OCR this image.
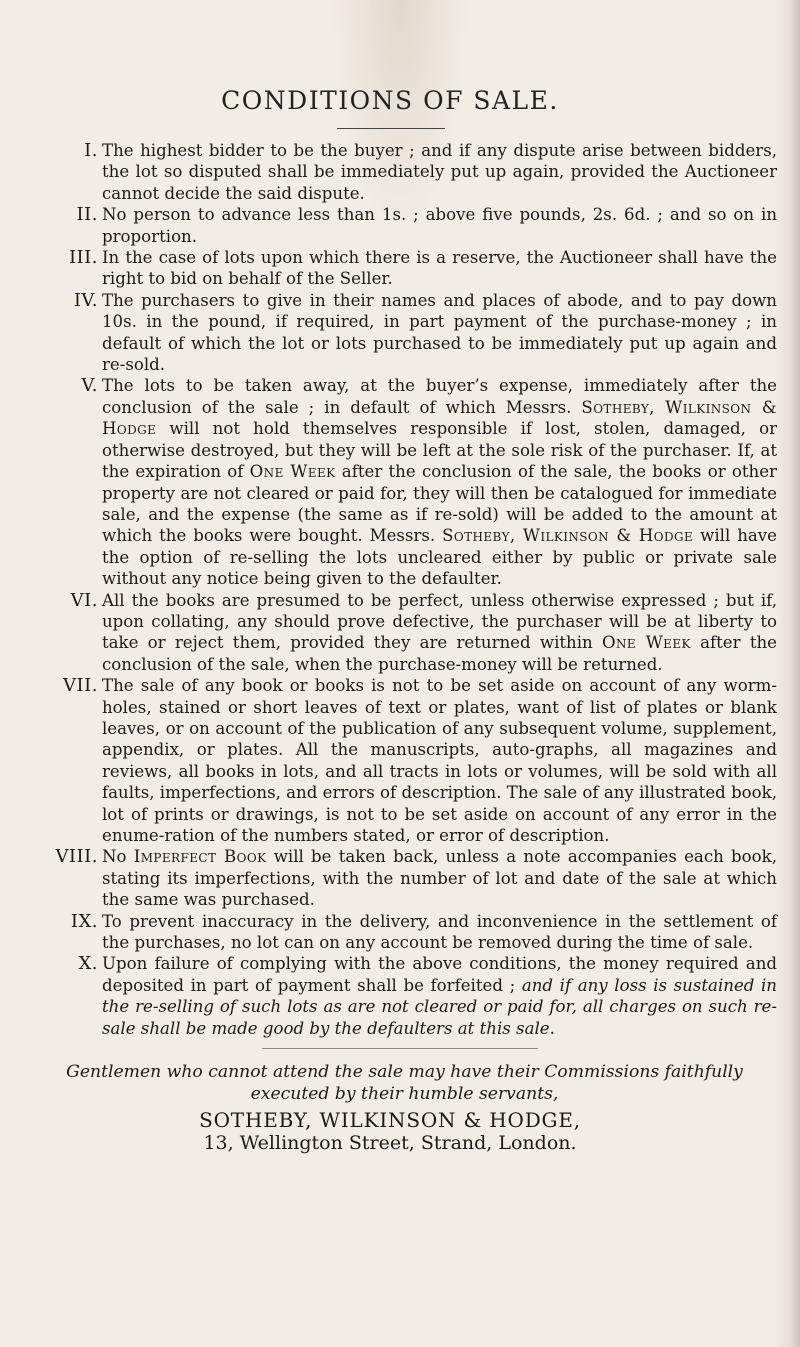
CONDITIONS OF SALE.

I. The highest bidder to be the buyer ; and if any dispute arise between bidders, the lot so disputed shall be immediately put up again, provided the Auctioneer cannot decide the said dispute.

II. No person to advance less than 1s. ; above five pounds, 2s. 6d. ; and so on in proportion.

III. In the case of lots upon which there is a reserve, the Auctioneer shall have the right to bid on behalf of the Seller.

IV. The purchasers to give in their names and places of abode, and to pay down 10s. in the pound, if required, in part payment of the purchase-money ; in default of which the lot or lots purchased to be immediately put up again and re-sold.

V. The lots to be taken away, at the buyer’s expense, immediately after the conclusion of the sale ; in default of which Messrs. Sotheby, Wilkinson & Hodge will not hold themselves responsible if lost, stolen, damaged, or otherwise destroyed, but they will be left at the sole risk of the purchaser. If, at the expiration of One Week after the conclusion of the sale, the books or other property are not cleared or paid for, they will then be catalogued for immediate sale, and the expense (the same as if re-sold) will be added to the amount at which the books were bought. Messrs. Sotheby, Wilkinson & Hodge will have the option of re-selling the lots uncleared either by public or private sale without any notice being given to the defaulter.

VI. All the books are presumed to be perfect, unless otherwise expressed ; but if, upon collating, any should prove defective, the purchaser will be at liberty to take or reject them, provided they are returned within One Week after the conclusion of the sale, when the purchase-money will be returned.

VII. The sale of any book or books is not to be set aside on account of any worm-holes, stained or short leaves of text or plates, want of list of plates or blank leaves, or on account of the publication of any subsequent volume, supplement, appendix, or plates. All the manuscripts, auto-graphs, all magazines and reviews, all books in lots, and all tracts in lots or volumes, will be sold with all faults, imperfections, and errors of description. The sale of any illustrated book, lot of prints or drawings, is not to be set aside on account of any error in the enume-ration of the numbers stated, or error of description.

VIII. No Imperfect Book will be taken back, unless a note accompanies each book, stating its imperfections, with the number of lot and date of the sale at which the same was purchased.

IX. To prevent inaccuracy in the delivery, and inconvenience in the settlement of the purchases, no lot can on any account be removed during the time of sale.

X. Upon failure of complying with the above conditions, the money required and deposited in part of payment shall be forfeited ; and if any loss is sustained in the re-selling of such lots as are not cleared or paid for, all charges on such re-sale shall be made good by the defaulters at this sale.

Gentlemen who cannot attend the sale may have their Commissions faithfully executed by their humble servants,
SOTHEBY, WILKINSON & HODGE,
13, Wellington Street, Strand, London.
